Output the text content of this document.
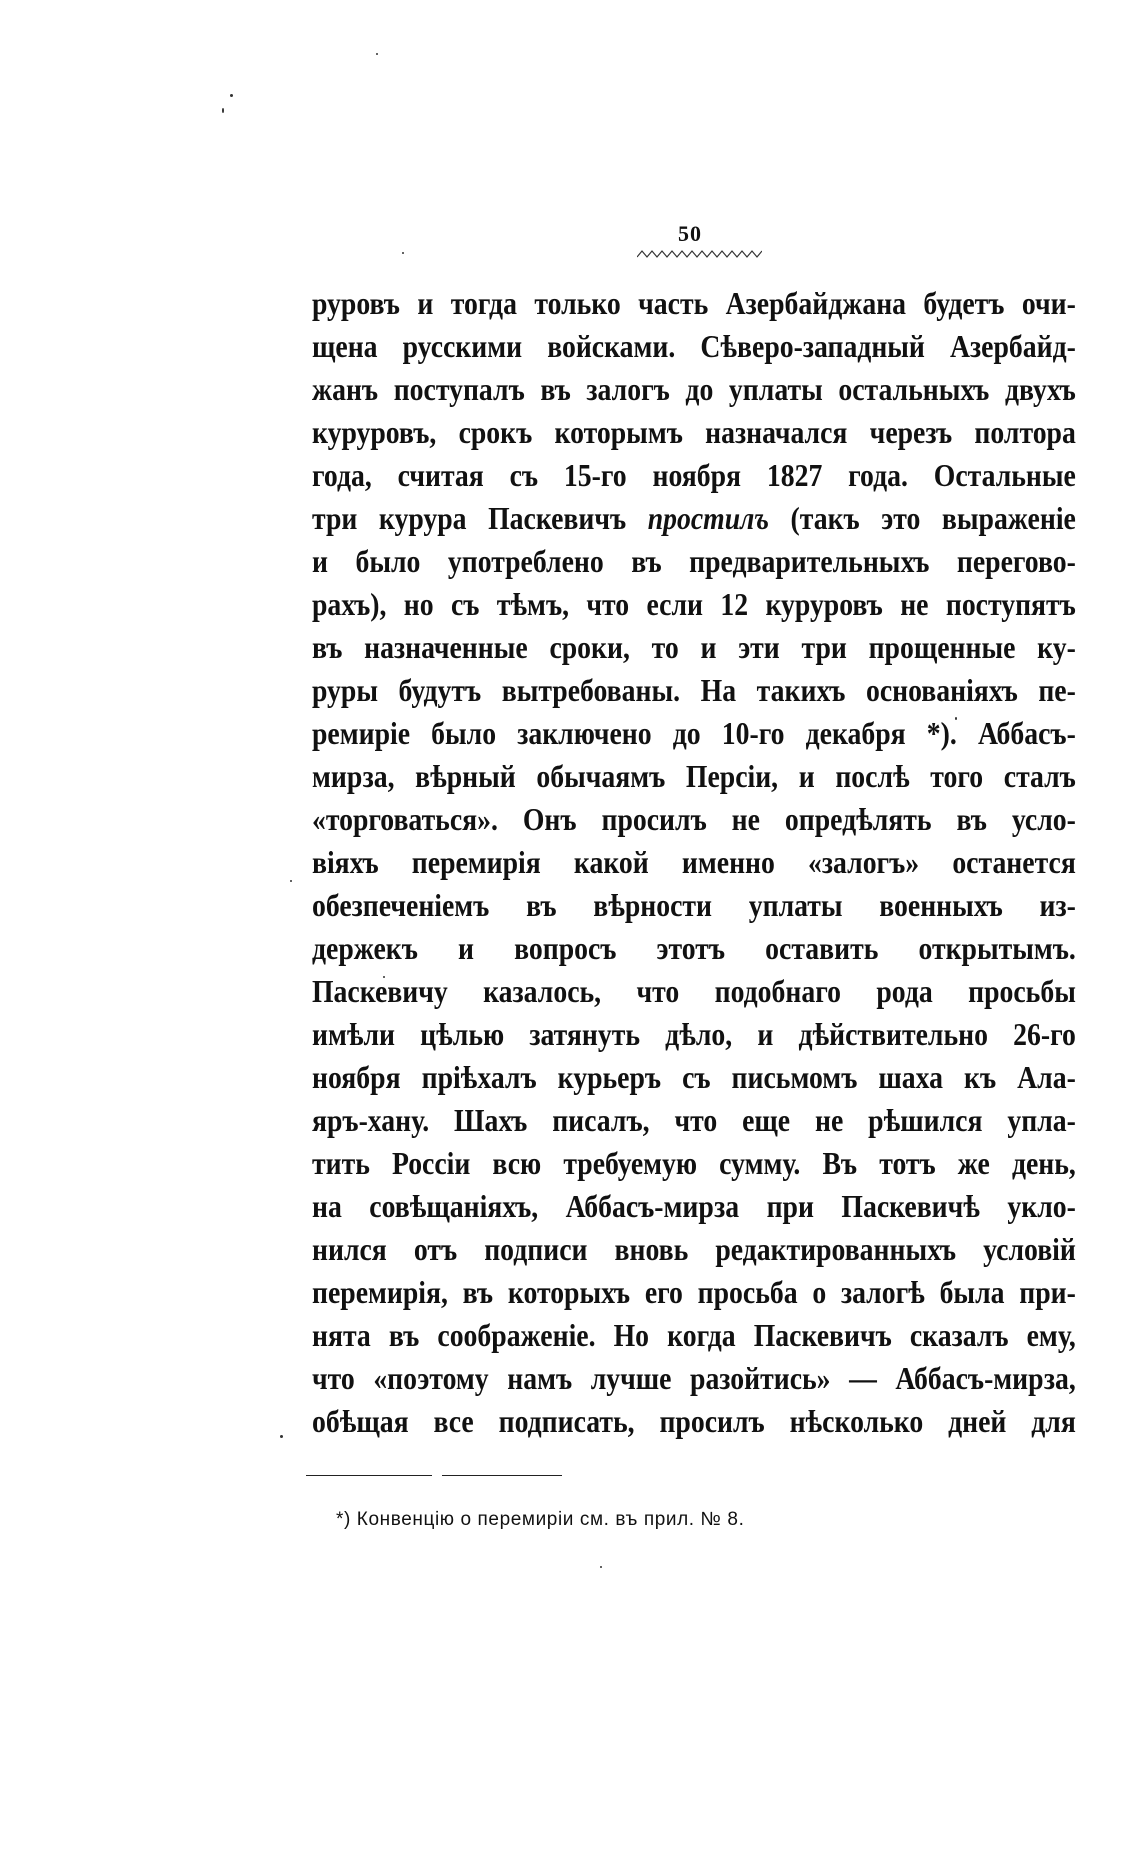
50
руровъ и тогда только часть Азербайджана будетъ очи-
щена русскими войсками. Сѣверо-западный Азербайд-
жанъ поступалъ въ залогъ до уплаты остальныхъ двухъ
куруровъ, срокъ которымъ назначался черезъ полтора
года, считая съ 15-го ноября 1827 года. Остальные
три курура Паскевичъ простилъ (такъ это выраженіе
и было употреблено въ предварительныхъ перегово-
рахъ), но съ тѣмъ, что если 12 куруровъ не поступятъ
въ назначенные сроки, то и эти три прощенные ку-
руры будутъ вытребованы. На такихъ основаніяхъ пе-
ремиріе было заключено до 10-го декабря *). Аббасъ-
мирза, вѣрный обычаямъ Персіи, и послѣ того сталъ
«торговаться». Онъ просилъ не опредѣлять въ усло-
віяхъ перемирія какой именно «залогъ» останется
обезпеченіемъ въ вѣрности уплаты военныхъ из-
держекъ и вопросъ этотъ оставить открытымъ.
Паскевичу казалось, что подобнаго рода просьбы
имѣли цѣлью затянуть дѣло, и дѣйствительно 26-го
ноября пріѣхалъ курьеръ съ письмомъ шаха къ Ала-
яръ-хану. Шахъ писалъ, что еще не рѣшился упла-
тить Россіи всю требуемую сумму. Въ тотъ же день,
на совѣщаніяхъ, Аббасъ-мирза при Паскевичѣ укло-
нился отъ подписи вновь редактированныхъ условій
перемирія, въ которыхъ его просьба о залогѣ была при-
нята въ соображеніе. Но когда Паскевичъ сказалъ ему,
что «поэтому намъ лучше разойтись» — Аббасъ-мирза,
обѣщая все подписать, просилъ нѣсколько дней для
*) Конвенцію о перемиріи см. въ прил. № 8.
